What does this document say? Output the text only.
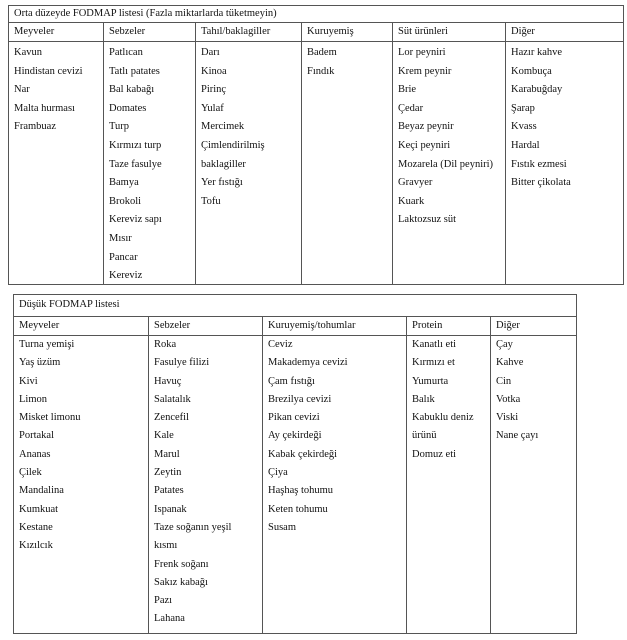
Orta düzeyde FODMAP listesi (Fazla miktarlarda tüketmeyin)
Meyveler
Kavun
Hindistan cevizi
Nar
Malta hurması
Frambuaz
Sebzeler
Patlıcan
Tatlı patates
Bal kabağı
Domates
Turp
Kırmızı turp
Taze fasulye
Bamya
Brokoli
Kereviz sapı
Mısır
Pancar
Kereviz
Tahıl/baklagiller
Darı
Kinoa
Pirinç
Yulaf
Mercimek
Çimlendirilmiş
baklagiller
Yer fıstığı
Tofu
Kuruyemiş
Badem
Fındık
Süt ürünleri
Lor peyniri
Krem peynir
Brie
Çedar
Beyaz peynir
Keçi peyniri
Mozarela (Dil peyniri)
Gravyer
Kuark
Laktozsuz süt
Diğer
Hazır kahve
Kombuça
Karabuğday
Şarap
Kvass
Hardal
Fıstık ezmesi
Bitter çikolata
Düşük FODMAP listesi
Meyveler
Turna yemişi
Yaş üzüm
Kivi
Limon
Misket limonu
Portakal
Ananas
Çilek
Mandalina
Kumkuat
Kestane
Kızılcık
Sebzeler
Roka
Fasulye filizi
Havuç
Salatalık
Zencefil
Kale
Marul
Zeytin
Patates
Ispanak
Taze soğanın yeşil
kısmı
Frenk soğanı
Sakız kabağı
Pazı
Lahana
Kuruyemiş/tohumlar
Ceviz
Makademya cevizi
Çam fıstığı
Brezilya cevizi
Pikan cevizi
Ay çekirdeği
Kabak çekirdeği
Çiya
Haşhaş tohumu
Keten tohumu
Susam
Protein
Kanatlı eti
Kırmızı et
Yumurta
Balık
Kabuklu deniz
ürünü
Domuz eti
Diğer
Çay
Kahve
Cin
Votka
Viski
Nane çayı
